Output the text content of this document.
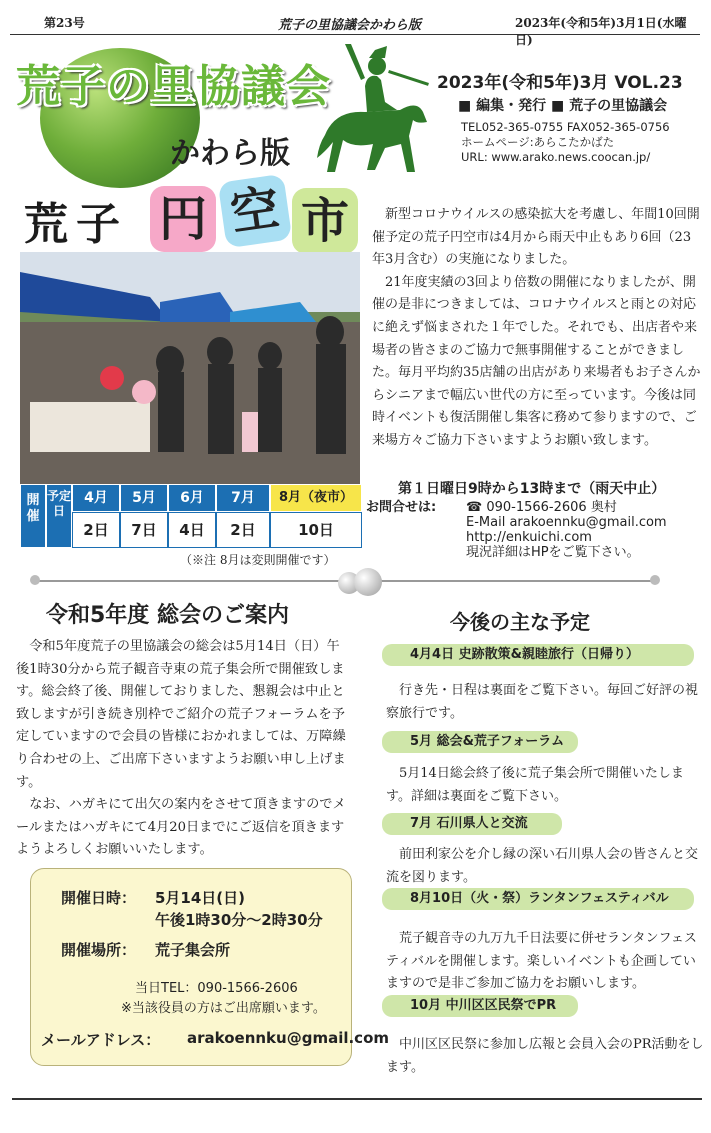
第23号	荒子の里協議会かわら版	2023年(令和5年)3月1日(水曜日)
荒子の里協議会
かわら版
2023年(令和5年)3月 VOL.23
■ 編集・発行 ■ 荒子の里協議会
TEL052-365-0755 FAX052-365-0756
ホームページ:あらこたかばた
URL: www.arako.news.coocan.jp/
荒 子 円 空 市
開催
予定日
4月	5月	6月	7月	8月（夜市）
2日	7日	4日	2日	10日
（※注 8月は変則開催です）

新型コロナウイルスの感染拡大を考慮し、年間10回開催予定の荒子円空市は4月から雨天中止もあり6回（23年3月含む）の実施になりました。

21年度実績の3回より倍数の開催になりましたが、開催の是非につきましては、コロナウイルスと雨との対応に絶えず悩まされた１年でした。それでも、出店者や来場者の皆さまのご協力で無事開催することができました。毎月平均約35店舗の出店があり来場者もお子さんからシニアまで幅広い世代の方に至っています。今後は同時イベントも復活開催し集客に務めて参りますので、ご来場方々ご協力下さいますようお願い致します。

第１日曜日9時から13時まで（雨天中止）
お問合せは: ☎ 090-1566-2606 奥村
E-Mail arakoennku@gmail.com
http://enkuichi.com
現況詳細はHPをご覧下さい。
令和5年度 総会のご案内

令和5年度荒子の里協議会の総会は5月14日（日）午後1時30分から荒子観音寺東の荒子集会所で開催致します。総会終了後、開催しておりました、懇親会は中止と致しますが引き続き別枠でご紹介の荒子フォーラムを予定していますので会員の皆様におかれましては、万障繰り合わせの上、ご出席下さいますようお願い申し上げます。

なお、ハガキにて出欠の案内をさせて頂きますのでメールまたはハガキにて4月20日までにご返信を頂きますようよろしくお願いいたします。

開催日時： 5月14日(日)
午後1時30分〜2時30分
開催場所： 荒子集会所
当日TEL：090-1566-2606
※当該役員の方はご出席願います。
メールアドレス： arakoennku@gmail.com
今後の主な予定
4月4日 史跡散策&親睦旅行（日帰り）

行き先・日程は裏面をご覧下さい。毎回ご好評の視察旅行です。

5月 総会&荒子フォーラム

5月14日総会終了後に荒子集会所で開催いたします。詳細は裏面をご覧下さい。

7月 石川県人と交流

前田利家公を介し縁の深い石川県人会の皆さんと交流を図ります。

8月10日（火・祭）ランタンフェスティバル

荒子観音寺の九万九千日法要に併せランタンフェスティバルを開催します。楽しいイベントも企画していますので是非ご参加ご協力をお願いします。

10月 中川区区民祭でPR

中川区区民祭に参加し広報と会員入会のPR活動をします。
